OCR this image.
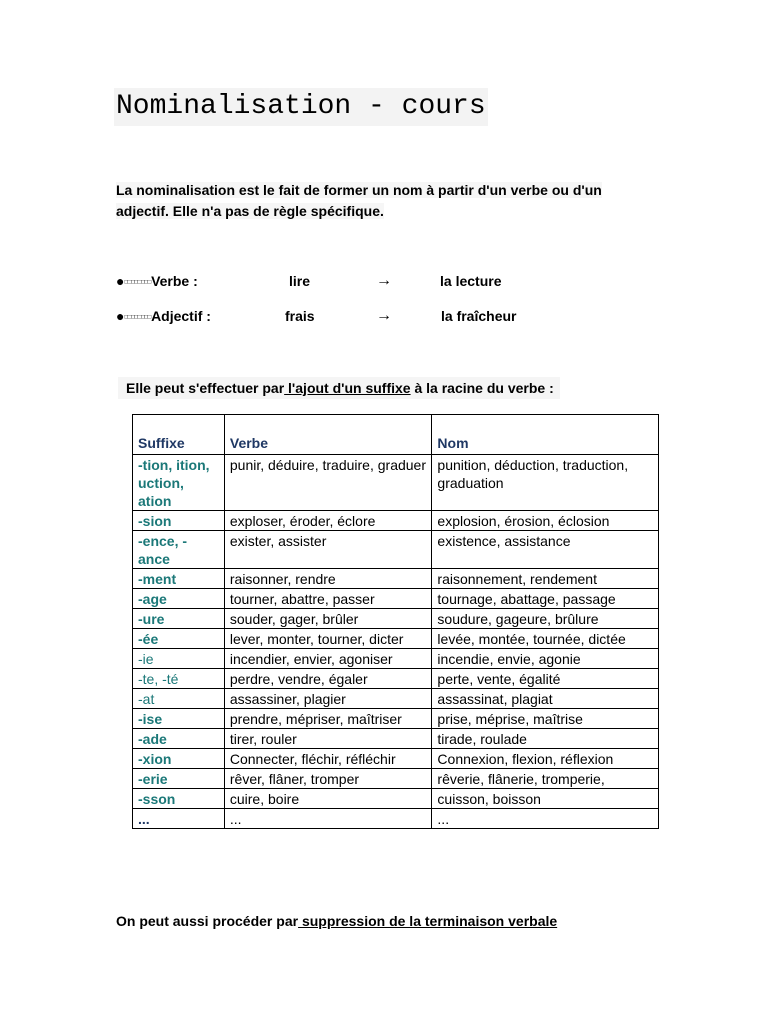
Nominalisation - cours
La nominalisation est le fait de former un nom à partir d'un verbe ou d'un adjectif. Elle n'a pas de règle spécifique.
●□□□□□□□□Verbe :	lire	→	la lecture
●□□□□□□□□Adjectif :	frais	→	la fraîcheur
Elle peut s'effectuer par l'ajout d'un suffixe à la racine du verbe :
Suffixe	Verbe	Nom
-tion, ition, uction, ation	punir, déduire, traduire, graduer	punition, déduction, traduction, graduation
-sion	exploser, éroder, éclore	explosion, érosion, éclosion
-ence, -ance	exister, assister	existence, assistance
-ment	raisonner, rendre	raisonnement, rendement
-age	tourner, abattre, passer	tournage, abattage, passage
-ure	souder, gager, brûler	soudure, gageure, brûlure
-ée	lever, monter, tourner, dicter	levée, montée, tournée, dictée
-ie	incendier, envier, agoniser	incendie, envie, agonie
-te, -té	perdre, vendre, égaler	perte, vente, égalité
-at	assassiner, plagier	assassinat, plagiat
-ise	prendre, mépriser, maîtriser	prise, méprise, maîtrise
-ade	tirer, rouler	tirade, roulade
-xion	Connecter, fléchir, réfléchir	Connexion, flexion, réflexion
-erie	rêver, flâner, tromper	rêverie, flânerie, tromperie,
-sson	cuire, boire	cuisson, boisson
...	...	...
On peut aussi procéder par suppression de la terminaison verbale
